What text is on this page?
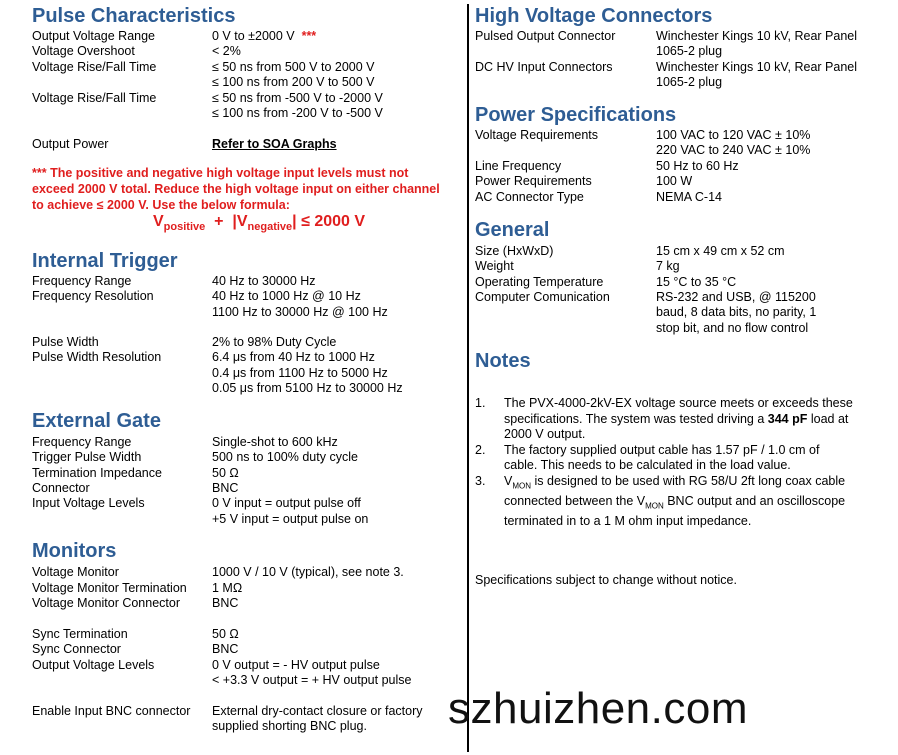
Pulse Characteristics
Output Voltage Range	0 V to ±2000 V ***
Voltage Overshoot	< 2%
Voltage Rise/Fall Time	≤ 50 ns from 500 V to 2000 V
≤ 100 ns from 200 V to 500 V
Voltage Rise/Fall Time	≤ 50 ns from -500 V to -2000 V
≤ 100 ns from -200 V to -500 V
Output Power	Refer to SOA Graphs
*** The positive and negative high voltage input levels must not exceed 2000 V total. Reduce the high voltage input on either channel to achieve ≤ 2000 V. Use the below formula:
$V_{positive} + |V_{negative}| \le 2000$ V
Internal Trigger
Frequency Range	40 Hz to 30000 Hz
Frequency Resolution	40 Hz to 1000 Hz @ 10 Hz
1100 Hz to 30000 Hz @ 100 Hz
Pulse Width	2% to 98% Duty Cycle
Pulse Width Resolution	6.4 μs from 40 Hz to 1000 Hz
0.4 μs from 1100 Hz to 5000 Hz
0.05 μs from 5100 Hz to 30000 Hz
External Gate
Frequency Range	Single-shot to 600 kHz
Trigger Pulse Width	500 ns to 100% duty cycle
Termination Impedance	50 Ω
Connector	BNC
Input Voltage Levels	0 V input = output pulse off
+5 V input = output pulse on
Monitors
Voltage Monitor	1000 V / 10 V (typical), see note 3.
Voltage Monitor Termination 1 MΩ
Voltage Monitor Connector	BNC
Sync Termination	50 Ω
Sync Connector	BNC
Output Voltage Levels	0 V output = - HV output pulse
< +3.3 V output = + HV output pulse
Enable Input BNC connector External dry-contact closure or factory
supplied shorting BNC plug.
High Voltage Connectors
Pulsed Output Connector	Winchester Kings 10 kV, Rear Panel
1065-2 plug
DC HV Input Connectors	Winchester Kings 10 kV, Rear Panel
1065-2 plug
Power Specifications
Voltage Requirements	100 VAC to 120 VAC ± 10%
220 VAC to 240 VAC ± 10%
Line Frequency	50 Hz to 60 Hz
Power Requirements	100 W
AC Connector Type	NEMA C-14
General
Size (HxWxD)	15 cm x 49 cm x 52 cm
Weight	7 kg
Operating Temperature	15 °C to 35 °C
Computer Comunication	RS-232 and USB, @ 115200
baud, 8 data bits, no parity, 1
stop bit, and no flow control
Notes
1. The PVX-4000-2kV-EX voltage source meets or exceeds these specifications. The system was tested driving a 344 pF load at 2000 V output.
2. The factory supplied output cable has 1.57 pF / 1.0 cm of cable. This needs to be calculated in the load value.
3. $V_{MON}$ is designed to be used with RG 58/U 2ft long coax cable connected between the $V_{MON}$ BNC output and an oscilloscope terminated in to a 1 M ohm input impedance.
Specifications subject to change without notice.
szhuizhen.com
